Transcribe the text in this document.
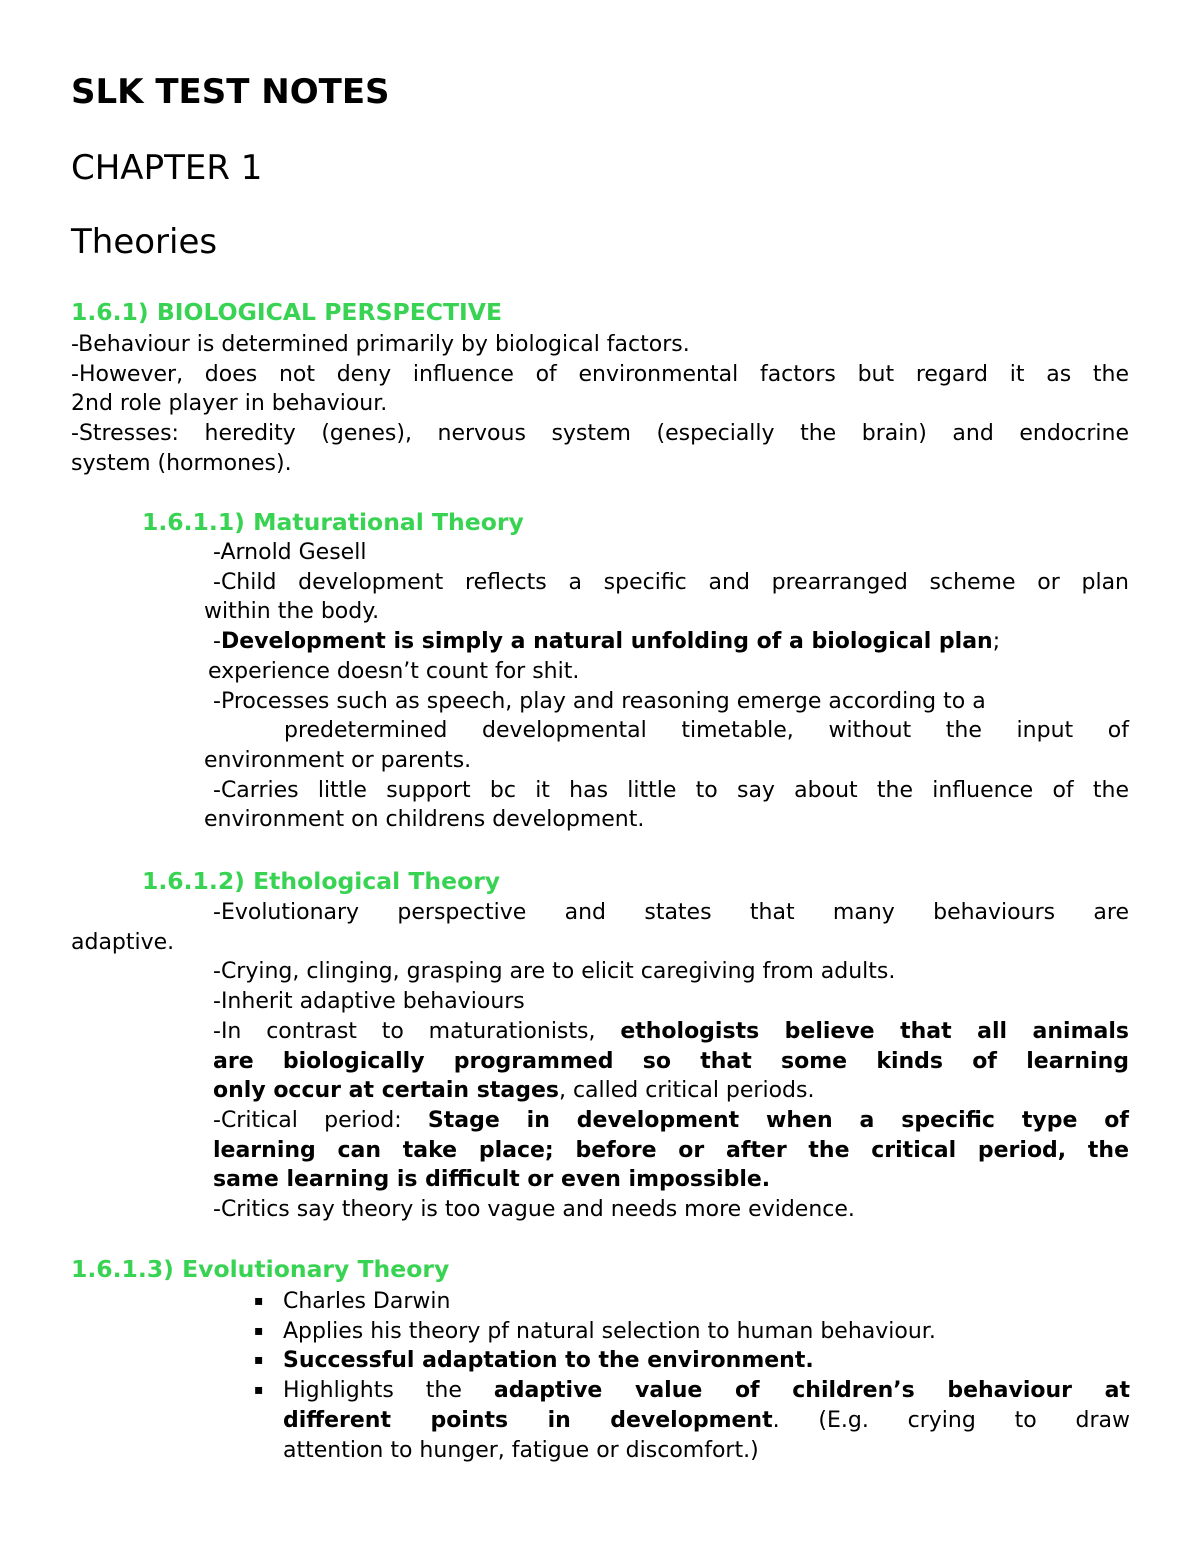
SLK TEST NOTES
CHAPTER 1
Theories
1.6.1) BIOLOGICAL PERSPECTIVE
-Behaviour is determined primarily by biological factors.
-However, does not deny influence of environmental factors but regard it as the
2nd role player in behaviour.
-Stresses: heredity (genes), nervous system (especially the brain) and endocrine
system (hormones).
1.6.1.1) Maturational Theory
-Arnold Gesell
-Child development reflects a specific and prearranged scheme or plan
within the body.
-Development is simply a natural unfolding of a biological plan;
experience doesn’t count for shit.
-Processes such as speech, play and reasoning emerge according to a
predetermined developmental timetable, without the input of
environment or parents.
-Carries little support bc it has little to say about the influence of the
environment on childrens development.
1.6.1.2) Ethological Theory
-Evolutionary perspective and states that many behaviours are
adaptive.
-Crying, clinging, grasping are to elicit caregiving from adults.
-Inherit adaptive behaviours
-In contrast to maturationists, ethologists believe that all animals
are biologically programmed so that some kinds of learning
only occur at certain stages, called critical periods.
-Critical period: Stage in development when a specific type of
learning can take place; before or after the critical period, the
same learning is difficult or even impossible.
-Critics say theory is too vague and needs more evidence.
1.6.1.3) Evolutionary Theory
▪ Charles Darwin
▪ Applies his theory pf natural selection to human behaviour.
▪ Successful adaptation to the environment.
▪ Highlights the adaptive value of children’s behaviour at
different points in development. (E.g. crying to draw
attention to hunger, fatigue or discomfort.)
